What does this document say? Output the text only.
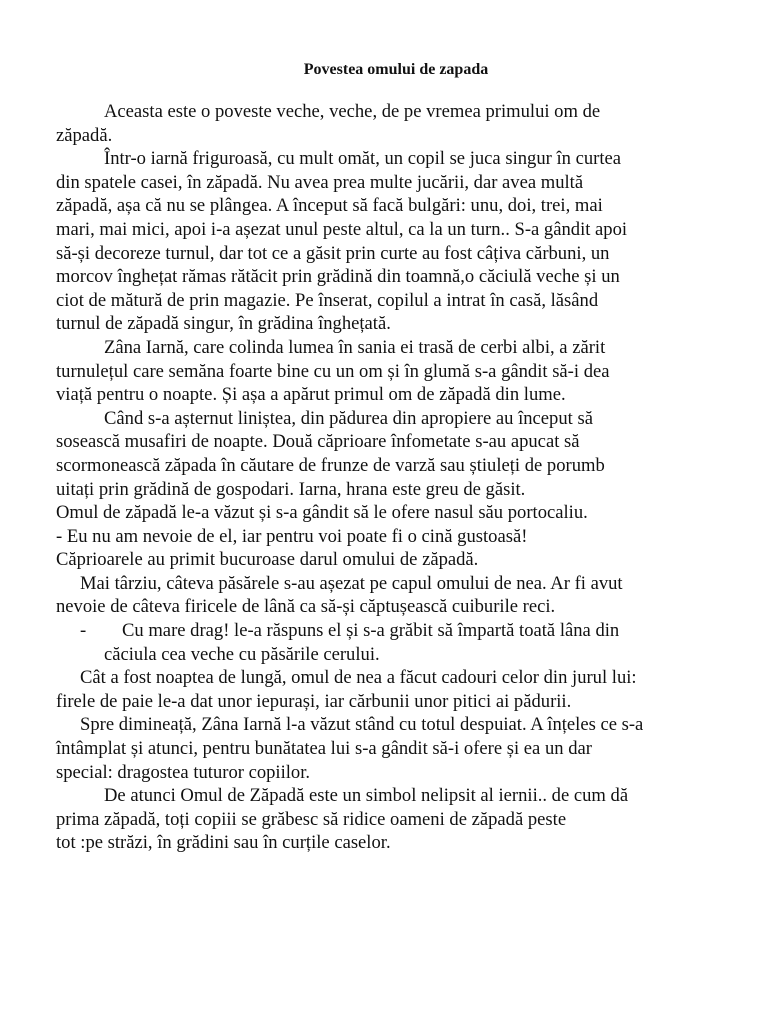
Povestea omului de zapada
Aceasta este o poveste veche, veche, de pe vremea primului om de
zăpadă.
Într-o iarnă friguroasă, cu mult omăt, un copil se juca singur în curtea
din spatele casei, în zăpadă. Nu avea prea multe jucării, dar avea multă
zăpadă, așa că nu se plângea. A început să facă bulgări: unu, doi, trei, mai
mari, mai mici, apoi i-a așezat unul peste altul, ca la un turn.. S-a gândit apoi
să-și decoreze turnul, dar tot ce a găsit prin curte au fost câțiva cărbuni, un
morcov înghețat rămas rătăcit prin grădină din toamnă,o căciulă veche și un
ciot de mătură de prin magazie. Pe înserat, copilul a intrat în casă, lăsând
turnul de zăpadă singur, în grădina înghețată.
Zâna Iarnă, care colinda lumea în sania ei trasă de cerbi albi, a zărit
turnulețul care semăna foarte bine cu un om și în glumă s-a gândit să-i dea
viață pentru o noapte. Și așa a apărut primul om de zăpadă din lume.
Când s-a așternut liniștea, din pădurea din apropiere au început să
sosească musafiri de noapte. Două căprioare înfometate s-au apucat să
scormonească zăpada în căutare de frunze de varză sau știuleți de porumb
uitați prin grădină de gospodari. Iarna, hrana este greu de găsit.
Omul de zăpadă le-a văzut și s-a gândit să le ofere nasul său portocaliu.
- Eu nu am nevoie de el, iar pentru voi poate fi o cină gustoasă!
Căprioarele au primit bucuroase darul omului de zăpadă.
Mai târziu, câteva păsărele s-au așezat pe capul omului de nea. Ar fi avut
nevoie de câteva firicele de lână ca să-și căptușească cuiburile reci.
- Cu mare drag! le-a răspuns el și s-a grăbit să împartă toată lâna din
căciula cea veche cu păsările cerului.
Cât a fost noaptea de lungă, omul de nea a făcut cadouri celor din jurul lui:
firele de paie le-a dat unor iepurași, iar cărbunii unor pitici ai pădurii.
Spre dimineață, Zâna Iarnă l-a văzut stând cu totul despuiat. A înțeles ce s-a
întâmplat și atunci, pentru bunătatea lui s-a gândit să-i ofere și ea un dar
special: dragostea tuturor copiilor.
De atunci Omul de Zăpadă este un simbol nelipsit al iernii.. de cum dă
prima zăpadă, toți copiii se grăbesc să ridice oameni de zăpadă peste
tot :pe străzi, în grădini sau în curțile caselor.
